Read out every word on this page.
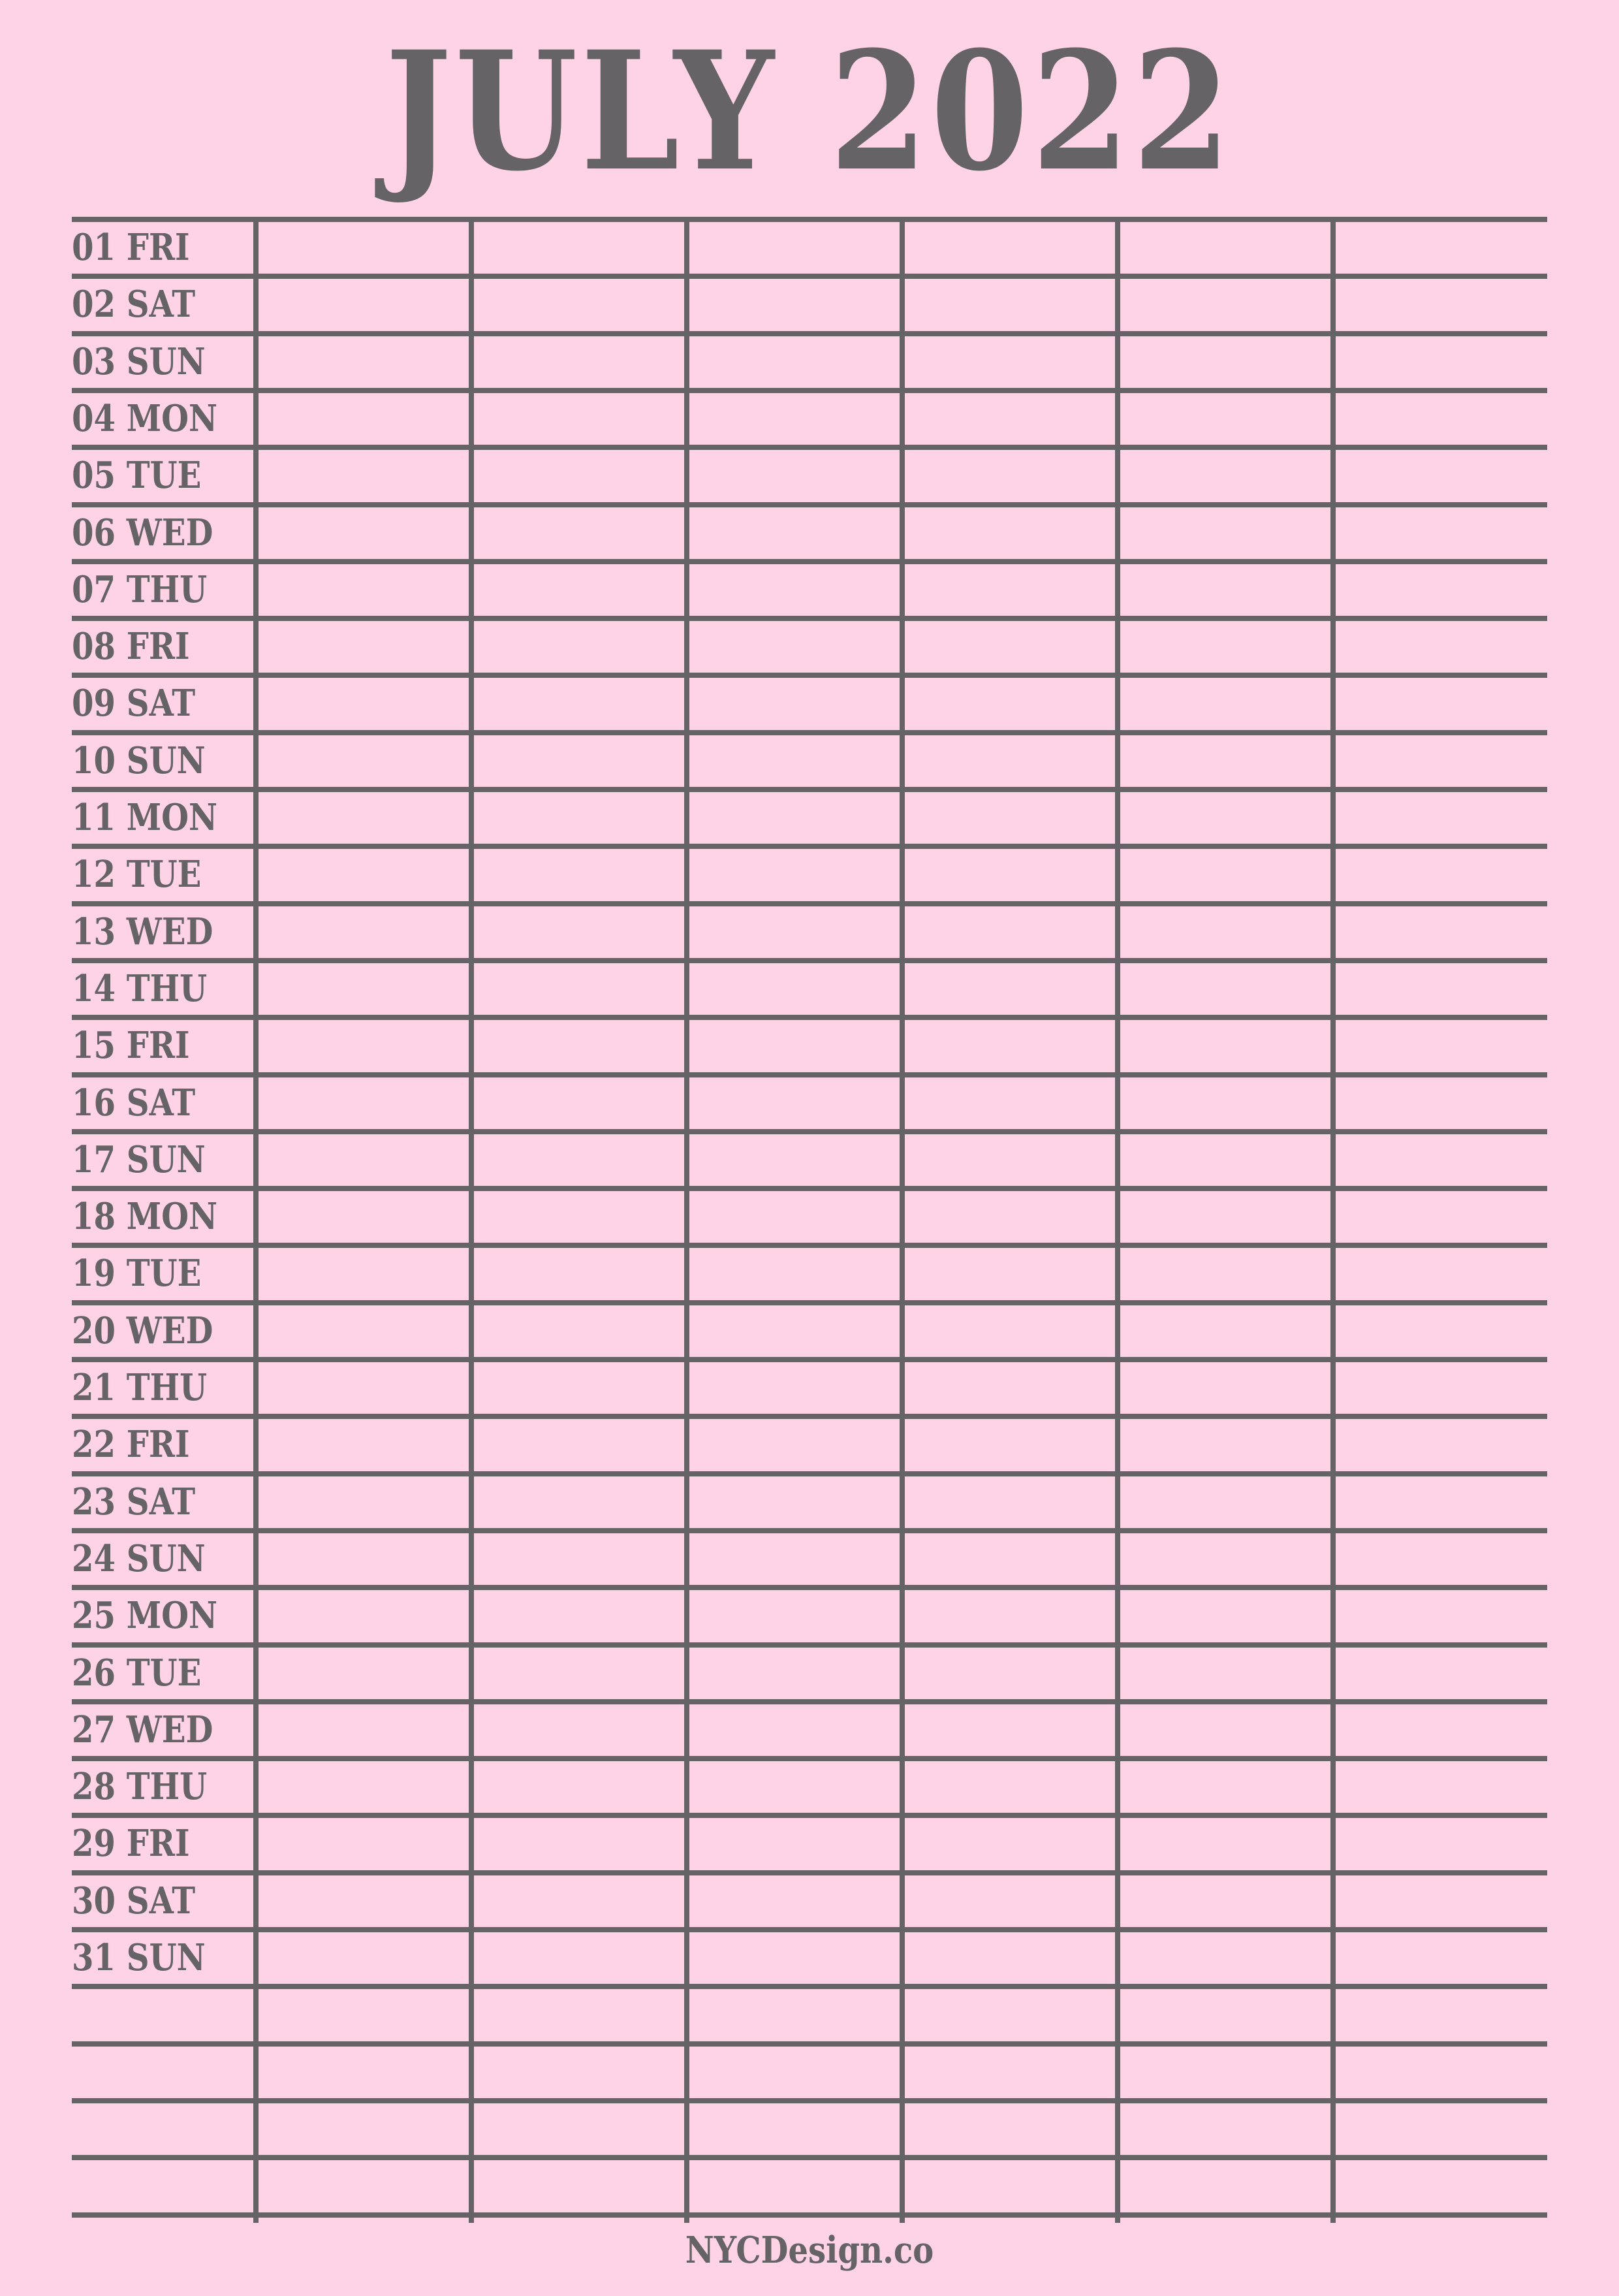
JULY 2022
01 FRI
02 SAT
03 SUN
04 MON
05 TUE
06 WED
07 THU
08 FRI
09 SAT
10 SUN
11 MON
12 TUE
13 WED
14 THU
15 FRI
16 SAT
17 SUN
18 MON
19 TUE
20 WED
21 THU
22 FRI
23 SAT
24 SUN
25 MON
26 TUE
27 WED
28 THU
29 FRI
30 SAT
31 SUN
NYCDesign.co
